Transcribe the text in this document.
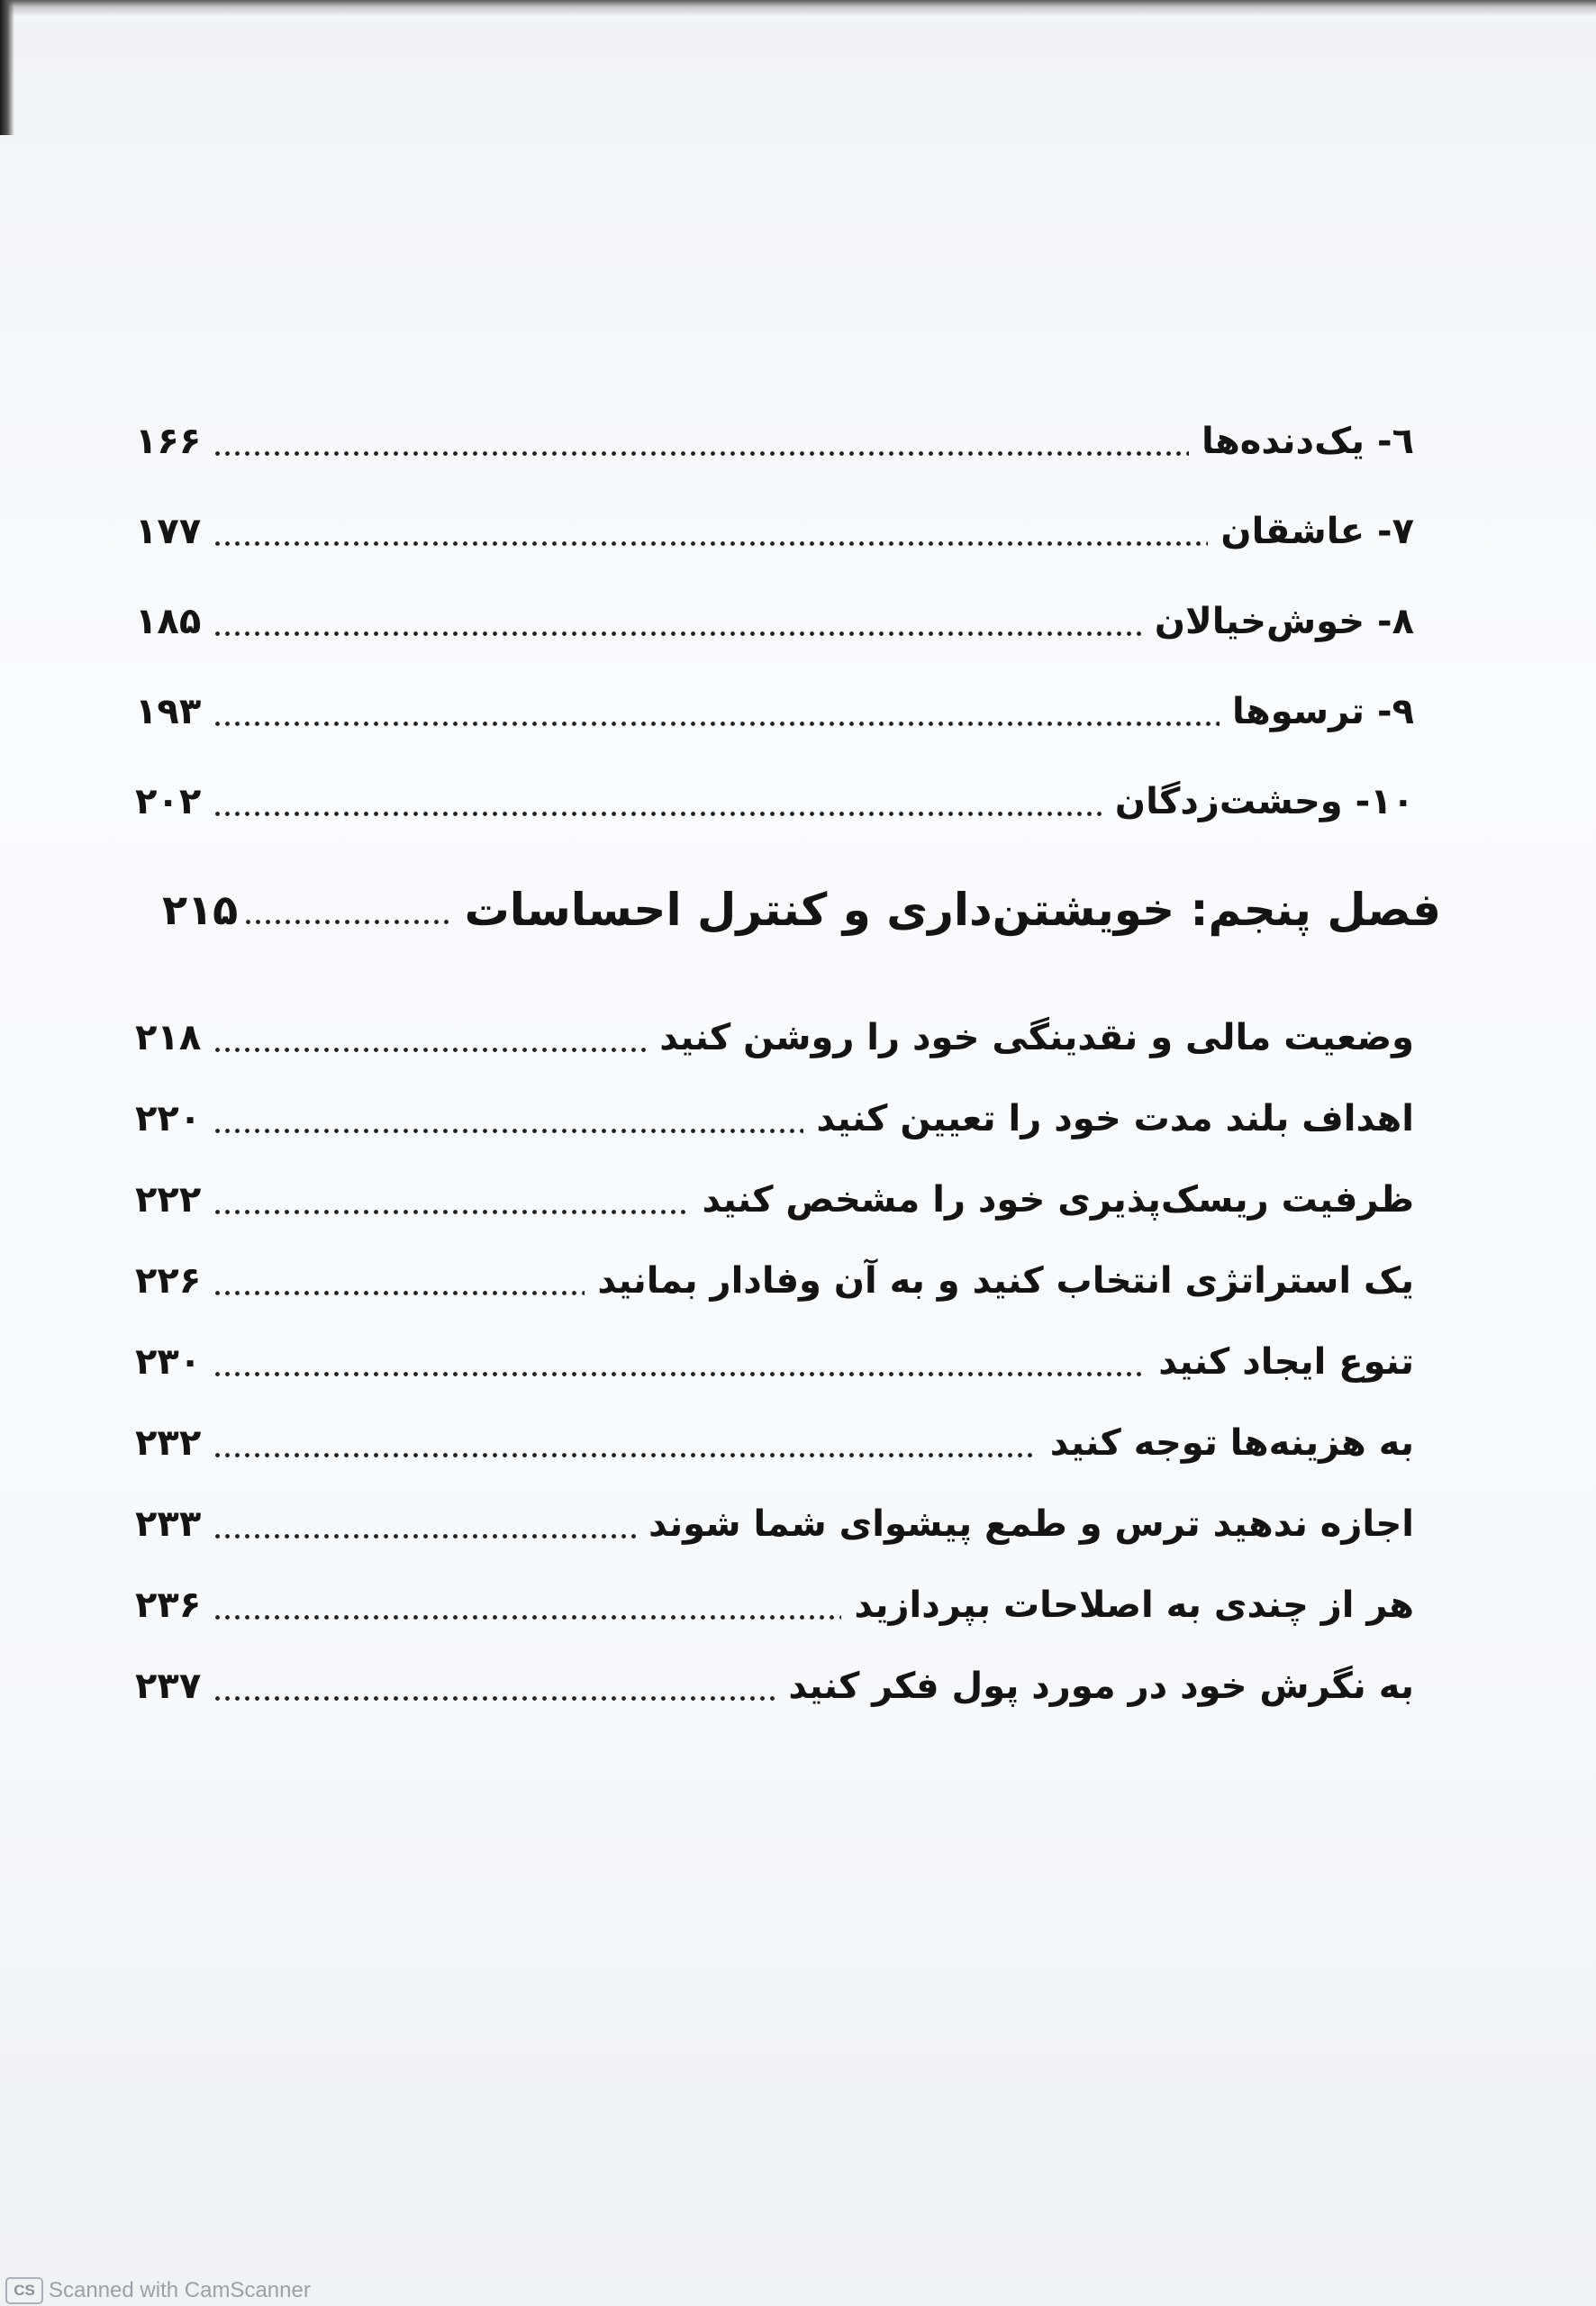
٦- یک‌دنده‌ها
۱۶۶
۷- عاشقان
۱۷۷
۸- خوش‌خیالان
۱۸۵
۹- ترسوها
۱۹۳
۱۰- وحشت‌زدگان
۲۰۲
فصل پنجم: خویشتن‌داری و کنترل احساسات
۲۱۵
وضعیت مالی و نقدینگی خود را روشن کنید
۲۱۸
اهداف بلند مدت خود را تعیین کنید
۲۲۰
ظرفیت ریسک‌پذیری خود را مشخص کنید
۲۲۲
یک استراتژی انتخاب کنید و به آن وفادار بمانید
۲۲۶
تنوع ایجاد کنید
۲۳۰
به هزینه‌ها توجه کنید
۲۳۲
اجازه ندهید ترس و طمع پیشوای شما شوند
۲۳۳
هر از چندی به اصلاحات بپردازید
۲۳۶
به نگرش خود در مورد پول فکر کنید
۲۳۷
CS Scanned with CamScanner
